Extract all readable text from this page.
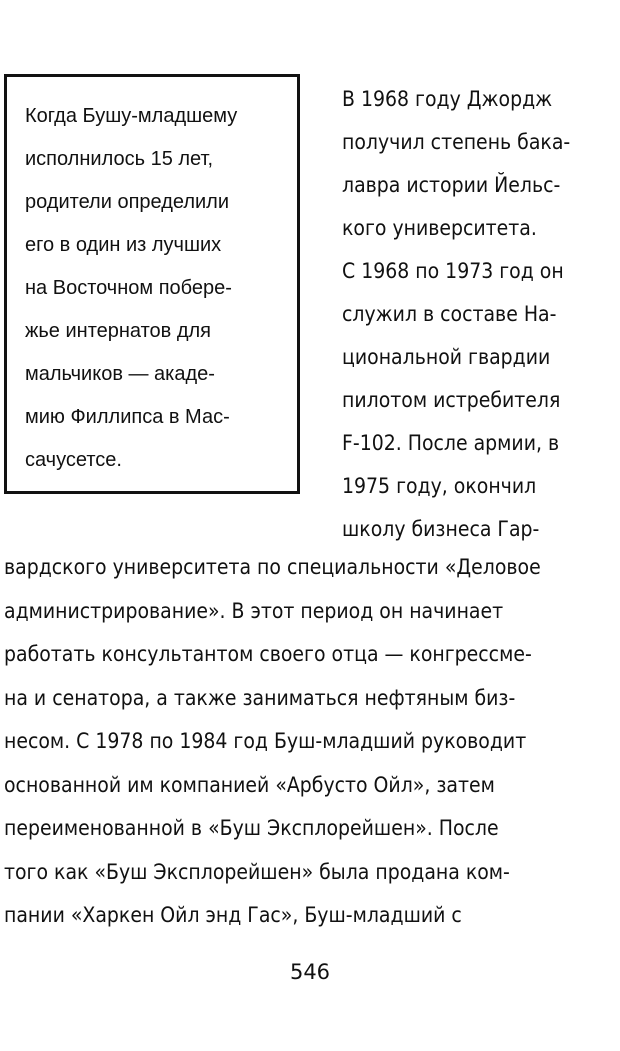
Когда Бушу-младшему
исполнилось 15 лет,
родители определили
его в один из лучших
на Восточном побере-
жье интернатов для
мальчиков — акаде-
мию Филлипса в Мас-
сачусетсе.
В 1968 году Джордж
получил степень бака-
лавра истории Йельс-
кого университета.
С 1968 по 1973 год он
служил в составе На-
циональной гвардии
пилотом истребителя
F-102. После армии, в
1975 году, окончил
школу бизнеса Гар-
вардского университета по специальности «Деловое
администрирование». В этот период он начинает
работать консультантом своего отца — конгрессме-
на и сенатора, а также заниматься нефтяным биз-
несом. С 1978 по 1984 год Буш-младший руководит
основанной им компанией «Арбусто Ойл», затем
переименованной в «Буш Эксплорейшен». После
того как «Буш Эксплорейшен» была продана ком-
пании «Харкен Ойл энд Гас», Буш-младший с
546
